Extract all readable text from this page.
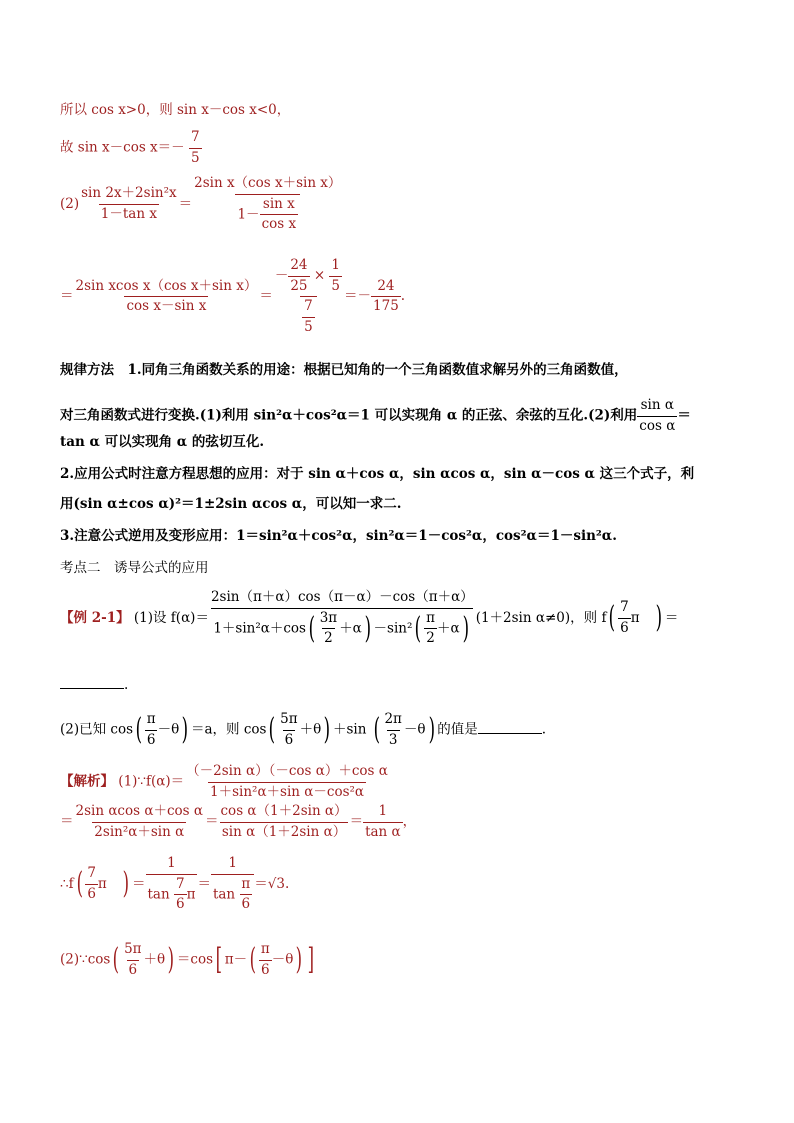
所以 cos x>0，则 sin x－cos x<0，
故 sin x－cos $x=- \frac{7}{5}$
$(2) \frac{\text{sin 2x＋2sin²x}}{\text{1－tan x}} = \frac{\text{2sin x（cos x＋sin x）}}{1- \frac{\text{sin x}}{\text{cos x}}}$
＝ $\frac{\text{2sin xcos x（cos x＋sin x）}}{\text{cos x－sin x}} = \frac{- \frac{24}{25} \times \frac{1}{5}}{\frac{7}{5}} =- \frac{24}{175}$ .
规律方法　 1.同角三角函数关系的用途：根据已知角的一个三角函数值求解另外的三角函数值，
对三角函数式进行变换.(1)利用 sin²α＋cos²α＝1 可以实现角 α 的正弦、余弦的互化.(2)利用 $\frac{\text{sin α}}{\text{cos α}}$ ＝
tan α 可以实现角 α 的弦切互化.
2.应用公式时注意方程思想的应用：对于 sin α＋cos α，sin αcos α，sin α－cos α 这三个式子，利
用(sin α±cos α)²＝1±2sin αcos α，可以知一求二.
3.注意公式逆用及变形应用：1＝sin²α＋cos²α，sin²α＝1－cos²α，cos²α＝1－sin²α.
考点二　诱导公式的应用
【例 2-1】 (1)设 $f(\alpha)= \frac{2\sin(\pi+\alpha)\cos(\pi-\alpha)-\cos(\pi+\alpha)}{1+\sin^2\alpha+\cos( \frac{3\pi}{2} +\alpha) -\sin^2( \frac{\pi}{2} +\alpha)} (1+2\sin$ α≠0)，则 $f( \frac{7}{6}$ π　 ) ＝
.
(2)已知 $\cos( \frac{\pi}{6} -\theta) =a$，则 $\cos( \frac{5\pi}{6} +\theta) +\sin$ ( $\frac{2\pi}{3} -\theta$) 的值是	.
【解析】 (1)∵f(α)＝ $\frac{\text{（－2sin α）（－cos α）＋cos α}}{\text{1＋sin²α＋sin α－cos²α}}$
＝ $\frac{\text{2sin αcos α＋cos α}}{\text{2sin²α＋sin α}} = \frac{\text{cos α（1＋2sin α）}}{\text{sin α（1＋2sin α）}} = \frac{1}{\text{tan α}}$ ，
∴f( $\frac{7}{6}$ π　 ) ＝ $\frac{1}{\tan \frac{7}{6} \pi} = \frac{1}{\tan \frac{\pi}{6}} =√3$.
(2)∵cos( $\frac{5\pi}{6} +\theta) =\cos$[ $\pi-( \frac{\pi}{6} -\theta)$ ]
